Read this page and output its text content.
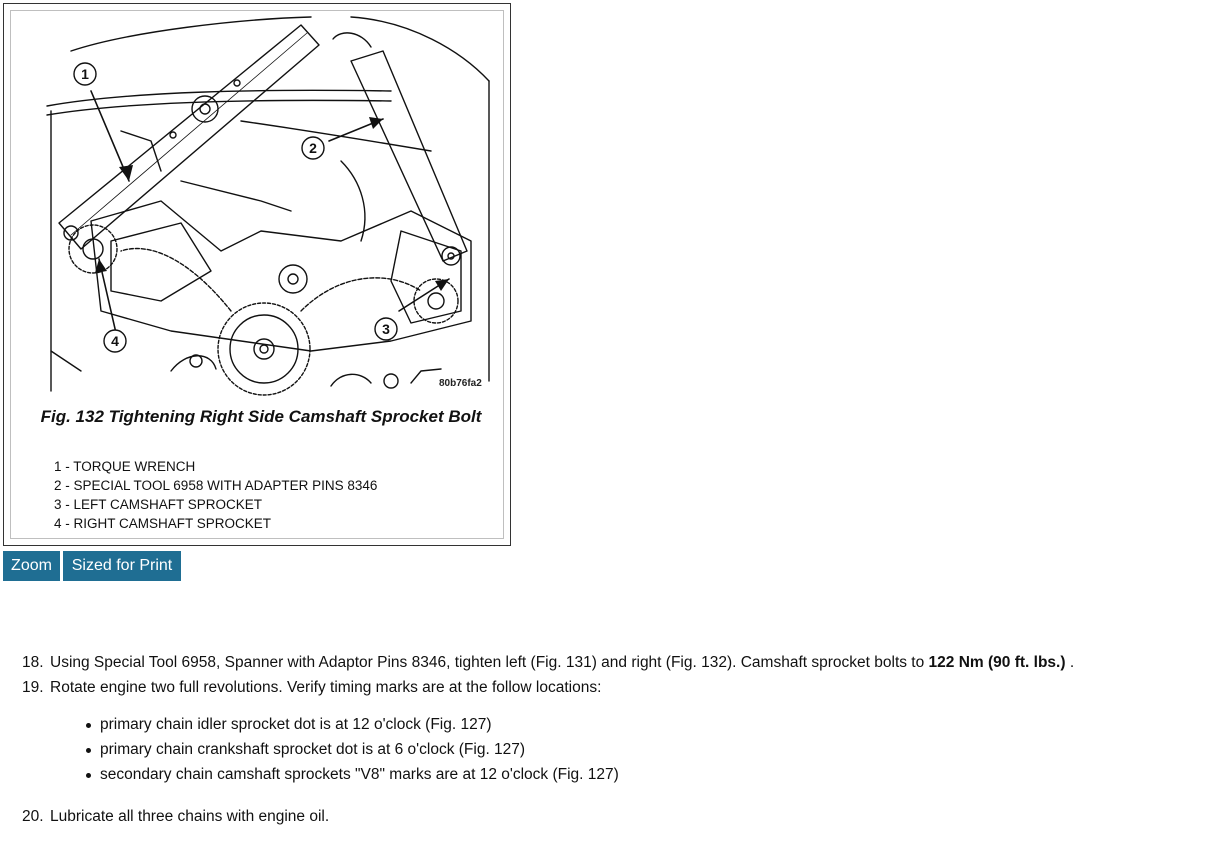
1
2
3
4
80b76fa2
Fig. 132 Tightening Right Side Camshaft Sprocket Bolt
1 - TORQUE WRENCH
2 - SPECIAL TOOL 6958 WITH ADAPTER PINS 8346
3 - LEFT CAMSHAFT SPROCKET
4 - RIGHT CAMSHAFT SPROCKET
Zoom	Sized for Print
18. Using Special Tool 6958, Spanner with Adaptor Pins 8346, tighten left (Fig. 131) and right (Fig. 132). Camshaft sprocket bolts to 122 Nm (90 ft. lbs.) .
19. Rotate engine two full revolutions. Verify timing marks are at the follow locations:
primary chain idler sprocket dot is at 12 o'clock (Fig. 127)
primary chain crankshaft sprocket dot is at 6 o'clock (Fig. 127)
secondary chain camshaft sprockets "V8" marks are at 12 o'clock (Fig. 127)
20. Lubricate all three chains with engine oil.
